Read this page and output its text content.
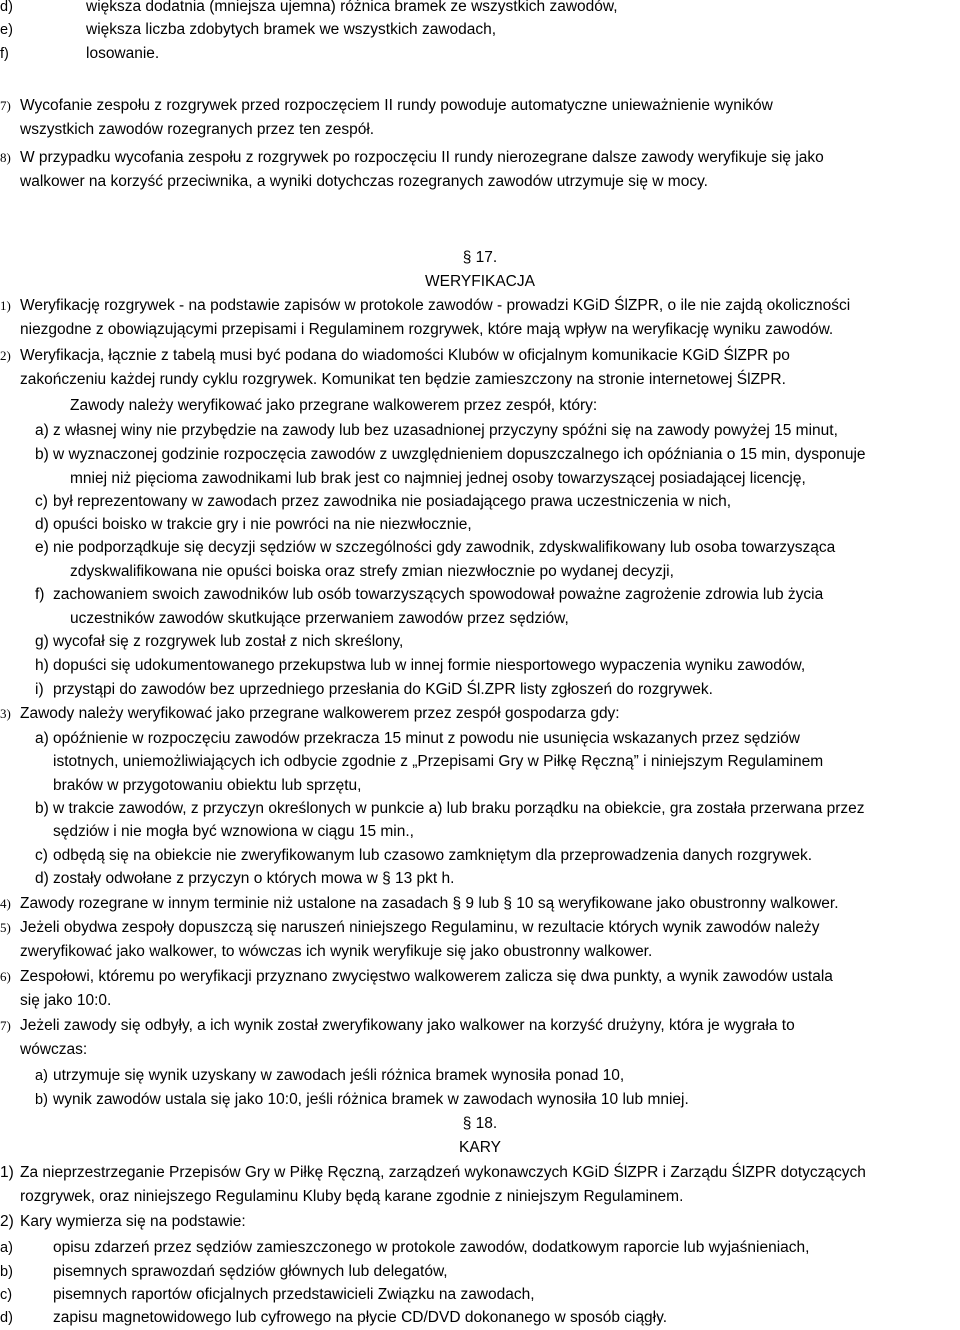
d)	większa dodatnia (mniejsza ujemna) różnica bramek ze wszystkich zawodów,
e)	większa liczba zdobytych bramek we wszystkich zawodach,
f)	losowanie.
7) Wycofanie zespołu z rozgrywek przed rozpoczęciem II rundy powoduje automatyczne unieważnienie wyników
wszystkich zawodów rozegranych przez ten zespół.
8) W przypadku wycofania zespołu z rozgrywek po rozpoczęciu II rundy nierozegrane dalsze zawody weryfikuje się jako
walkower na korzyść przeciwnika, a wyniki dotychczas rozegranych zawodów utrzymuje się w mocy.
§ 17.
WERYFIKACJA
1) Weryfikację rozgrywek - na podstawie zapisów w protokole zawodów - prowadzi KGiD ŚlZPR, o ile nie zajdą okoliczności
niezgodne z obowiązującymi przepisami i Regulaminem rozgrywek, które mają wpływ na weryfikację wyniku zawodów.
2) Weryfikacja, łącznie z tabelą musi być podana do wiadomości Klubów w oficjalnym komunikacie KGiD ŚlZPR po
zakończeniu każdej rundy cyklu rozgrywek. Komunikat ten będzie zamieszczony na stronie internetowej ŚlZPR.
Zawody należy weryfikować jako przegrane walkowerem przez zespół, który:
a) z własnej winy nie przybędzie na zawody lub bez uzasadnionej przyczyny spóźni się na zawody powyżej 15 minut,
b) w wyznaczonej godzinie rozpoczęcia zawodów z uwzględnieniem dopuszczalnego ich opóźniania o 15 min, dysponuje
mniej niż pięcioma zawodnikami lub brak jest co najmniej jednej osoby towarzyszącej posiadającej licencję,
c) był reprezentowany w zawodach przez zawodnika nie posiadającego prawa uczestniczenia w nich,
d) opuści boisko w trakcie gry i nie powróci na nie niezwłocznie,
e) nie podporządkuje się decyzji sędziów w szczególności gdy zawodnik, zdyskwalifikowany lub osoba towarzysząca
zdyskwalifikowana nie opuści boiska oraz strefy zmian niezwłocznie po wydanej decyzji,
f) zachowaniem swoich zawodników lub osób towarzyszących spowodował poważne zagrożenie zdrowia lub życia
uczestników zawodów skutkujące przerwaniem zawodów przez sędziów,
g) wycofał się z rozgrywek lub został z nich skreślony,
h) dopuści się udokumentowanego przekupstwa lub w innej formie niesportowego wypaczenia wyniku zawodów,
i) przystąpi do zawodów bez uprzedniego przesłania do KGiD Śl.ZPR listy zgłoszeń do rozgrywek.
3) Zawody należy weryfikować jako przegrane walkowerem przez zespół gospodarza gdy:
a) opóźnienie w rozpoczęciu zawodów przekracza 15 minut z powodu nie usunięcia wskazanych przez sędziów
istotnych, uniemożliwiających ich odbycie zgodnie z „Przepisami Gry w Piłkę Ręczną” i niniejszym Regulaminem
braków w przygotowaniu obiektu lub sprzętu,
b) w trakcie zawodów, z przyczyn określonych w punkcie a) lub braku porządku na obiekcie, gra została przerwana przez
sędziów i nie mogła być wznowiona w ciągu 15 min.,
c) odbędą się na obiekcie nie zweryfikowanym lub czasowo zamkniętym dla przeprowadzenia danych rozgrywek.
d) zostały odwołane z przyczyn o których mowa w § 13 pkt h.
4) Zawody rozegrane w innym terminie niż ustalone na zasadach § 9 lub § 10 są weryfikowane jako obustronny walkower.
5) Jeżeli obydwa zespoły dopuszczą się naruszeń niniejszego Regulaminu, w rezultacie których wynik zawodów należy
zweryfikować jako walkower, to wówczas ich wynik weryfikuje się jako obustronny walkower.
6) Zespołowi, któremu po weryfikacji przyznano zwycięstwo walkowerem zalicza się dwa punkty, a wynik zawodów ustala
się jako 10:0.
7) Jeżeli zawody się odbyły, a ich wynik został zweryfikowany jako walkower na korzyść drużyny, która je wygrała to
wówczas:
a) utrzymuje się wynik uzyskany w zawodach jeśli różnica bramek wynosiła ponad 10,
b) wynik zawodów ustala się jako 10:0, jeśli różnica bramek w zawodach wynosiła 10 lub mniej.
§ 18.
KARY
1) Za nieprzestrzeganie Przepisów Gry w Piłkę Ręczną, zarządzeń wykonawczych KGiD ŚlZPR i Zarządu ŚlZPR dotyczących
rozgrywek, oraz niniejszego Regulaminu Kluby będą karane zgodnie z niniejszym Regulaminem.
2) Kary wymierza się na podstawie:
a)	opisu zdarzeń przez sędziów zamieszczonego w protokole zawodów, dodatkowym raporcie lub wyjaśnieniach,
b)	pisemnych sprawozdań sędziów głównych lub delegatów,
c)	pisemnych raportów oficjalnych przedstawicieli Związku na zawodach,
d)	zapisu magnetowidowego lub cyfrowego na płycie CD/DVD dokonanego w sposób ciągły.
